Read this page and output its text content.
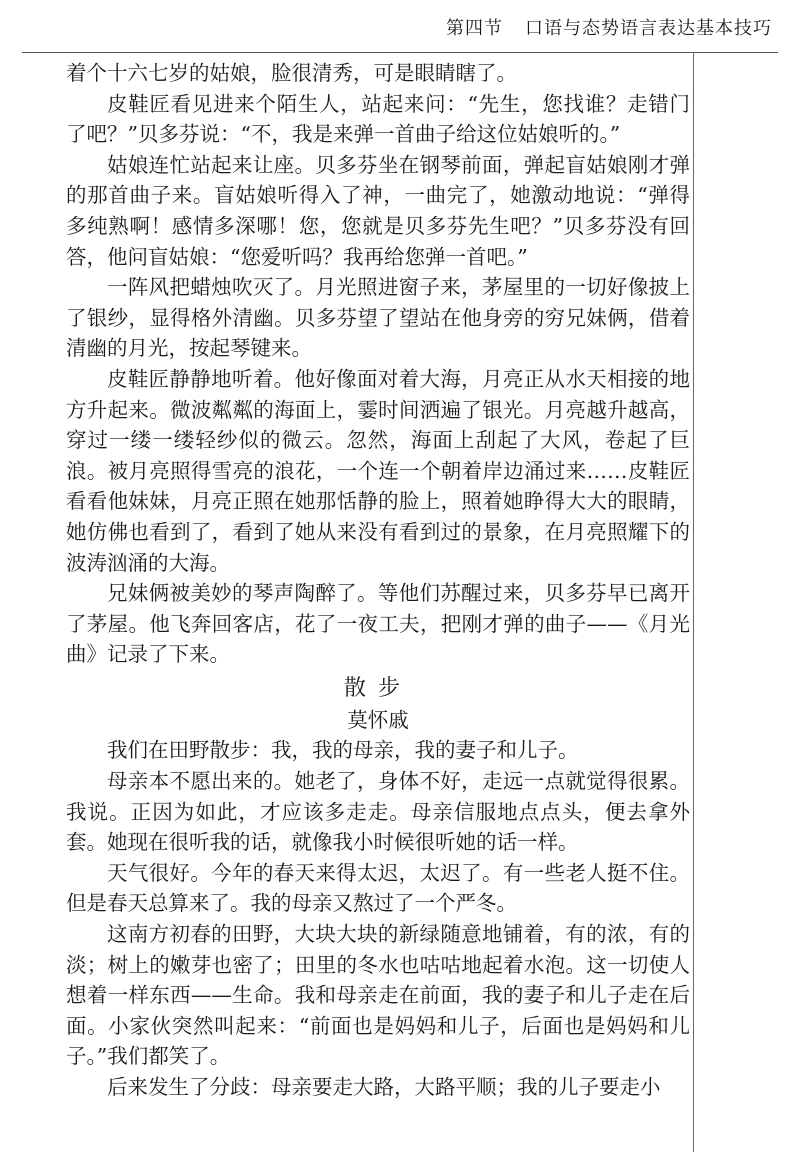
第四节 口语与态势语言表达基本技巧

着个十六七岁的姑娘，脸很清秀，可是眼睛瞎了。

皮鞋匠看见进来个陌生人，站起来问：“先生，您找谁？走错门了吧？”贝多芬说：“不，我是来弹一首曲子给这位姑娘听的。”

姑娘连忙站起来让座。贝多芬坐在钢琴前面，弹起盲姑娘刚才弹的那首曲子来。盲姑娘听得入了神，一曲完了，她激动地说：“弹得多纯熟啊！感情多深哪！您，您就是贝多芬先生吧？”贝多芬没有回答，他问盲姑娘：“您爱听吗？我再给您弹一首吧。”

一阵风把蜡烛吹灭了。月光照进窗子来，茅屋里的一切好像披上了银纱，显得格外清幽。贝多芬望了望站在他身旁的穷兄妹俩，借着清幽的月光，按起琴键来。

皮鞋匠静静地听着。他好像面对着大海，月亮正从水天相接的地方升起来。微波粼粼的海面上，霎时间洒遍了银光。月亮越升越高，穿过一缕一缕轻纱似的微云。忽然，海面上刮起了大风，卷起了巨浪。被月亮照得雪亮的浪花，一个连一个朝着岸边涌过来……皮鞋匠看看他妹妹，月亮正照在她那恬静的脸上，照着她睁得大大的眼睛，她仿佛也看到了，看到了她从来没有看到过的景象，在月亮照耀下的波涛汹涌的大海。

兄妹俩被美妙的琴声陶醉了。等他们苏醒过来，贝多芬早已离开了茅屋。他飞奔回客店，花了一夜工夫，把刚才弹的曲子——《月光曲》记录了下来。

散步
莫怀戚

我们在田野散步：我，我的母亲，我的妻子和儿子。

母亲本不愿出来的。她老了，身体不好，走远一点就觉得很累。我说。正因为如此，才应该多走走。母亲信服地点点头，便去拿外套。她现在很听我的话，就像我小时候很听她的话一样。

天气很好。今年的春天来得太迟，太迟了。有一些老人挺不住。但是春天总算来了。我的母亲又熬过了一个严冬。

这南方初春的田野，大块大块的新绿随意地铺着，有的浓，有的淡；树上的嫩芽也密了；田里的冬水也咕咕地起着水泡。这一切使人想着一样东西——生命。我和母亲走在前面，我的妻子和儿子走在后面。小家伙突然叫起来：“前面也是妈妈和儿子，后面也是妈妈和儿子。”我们都笑了。

后来发生了分歧：母亲要走大路，大路平顺；我的儿子要走小
